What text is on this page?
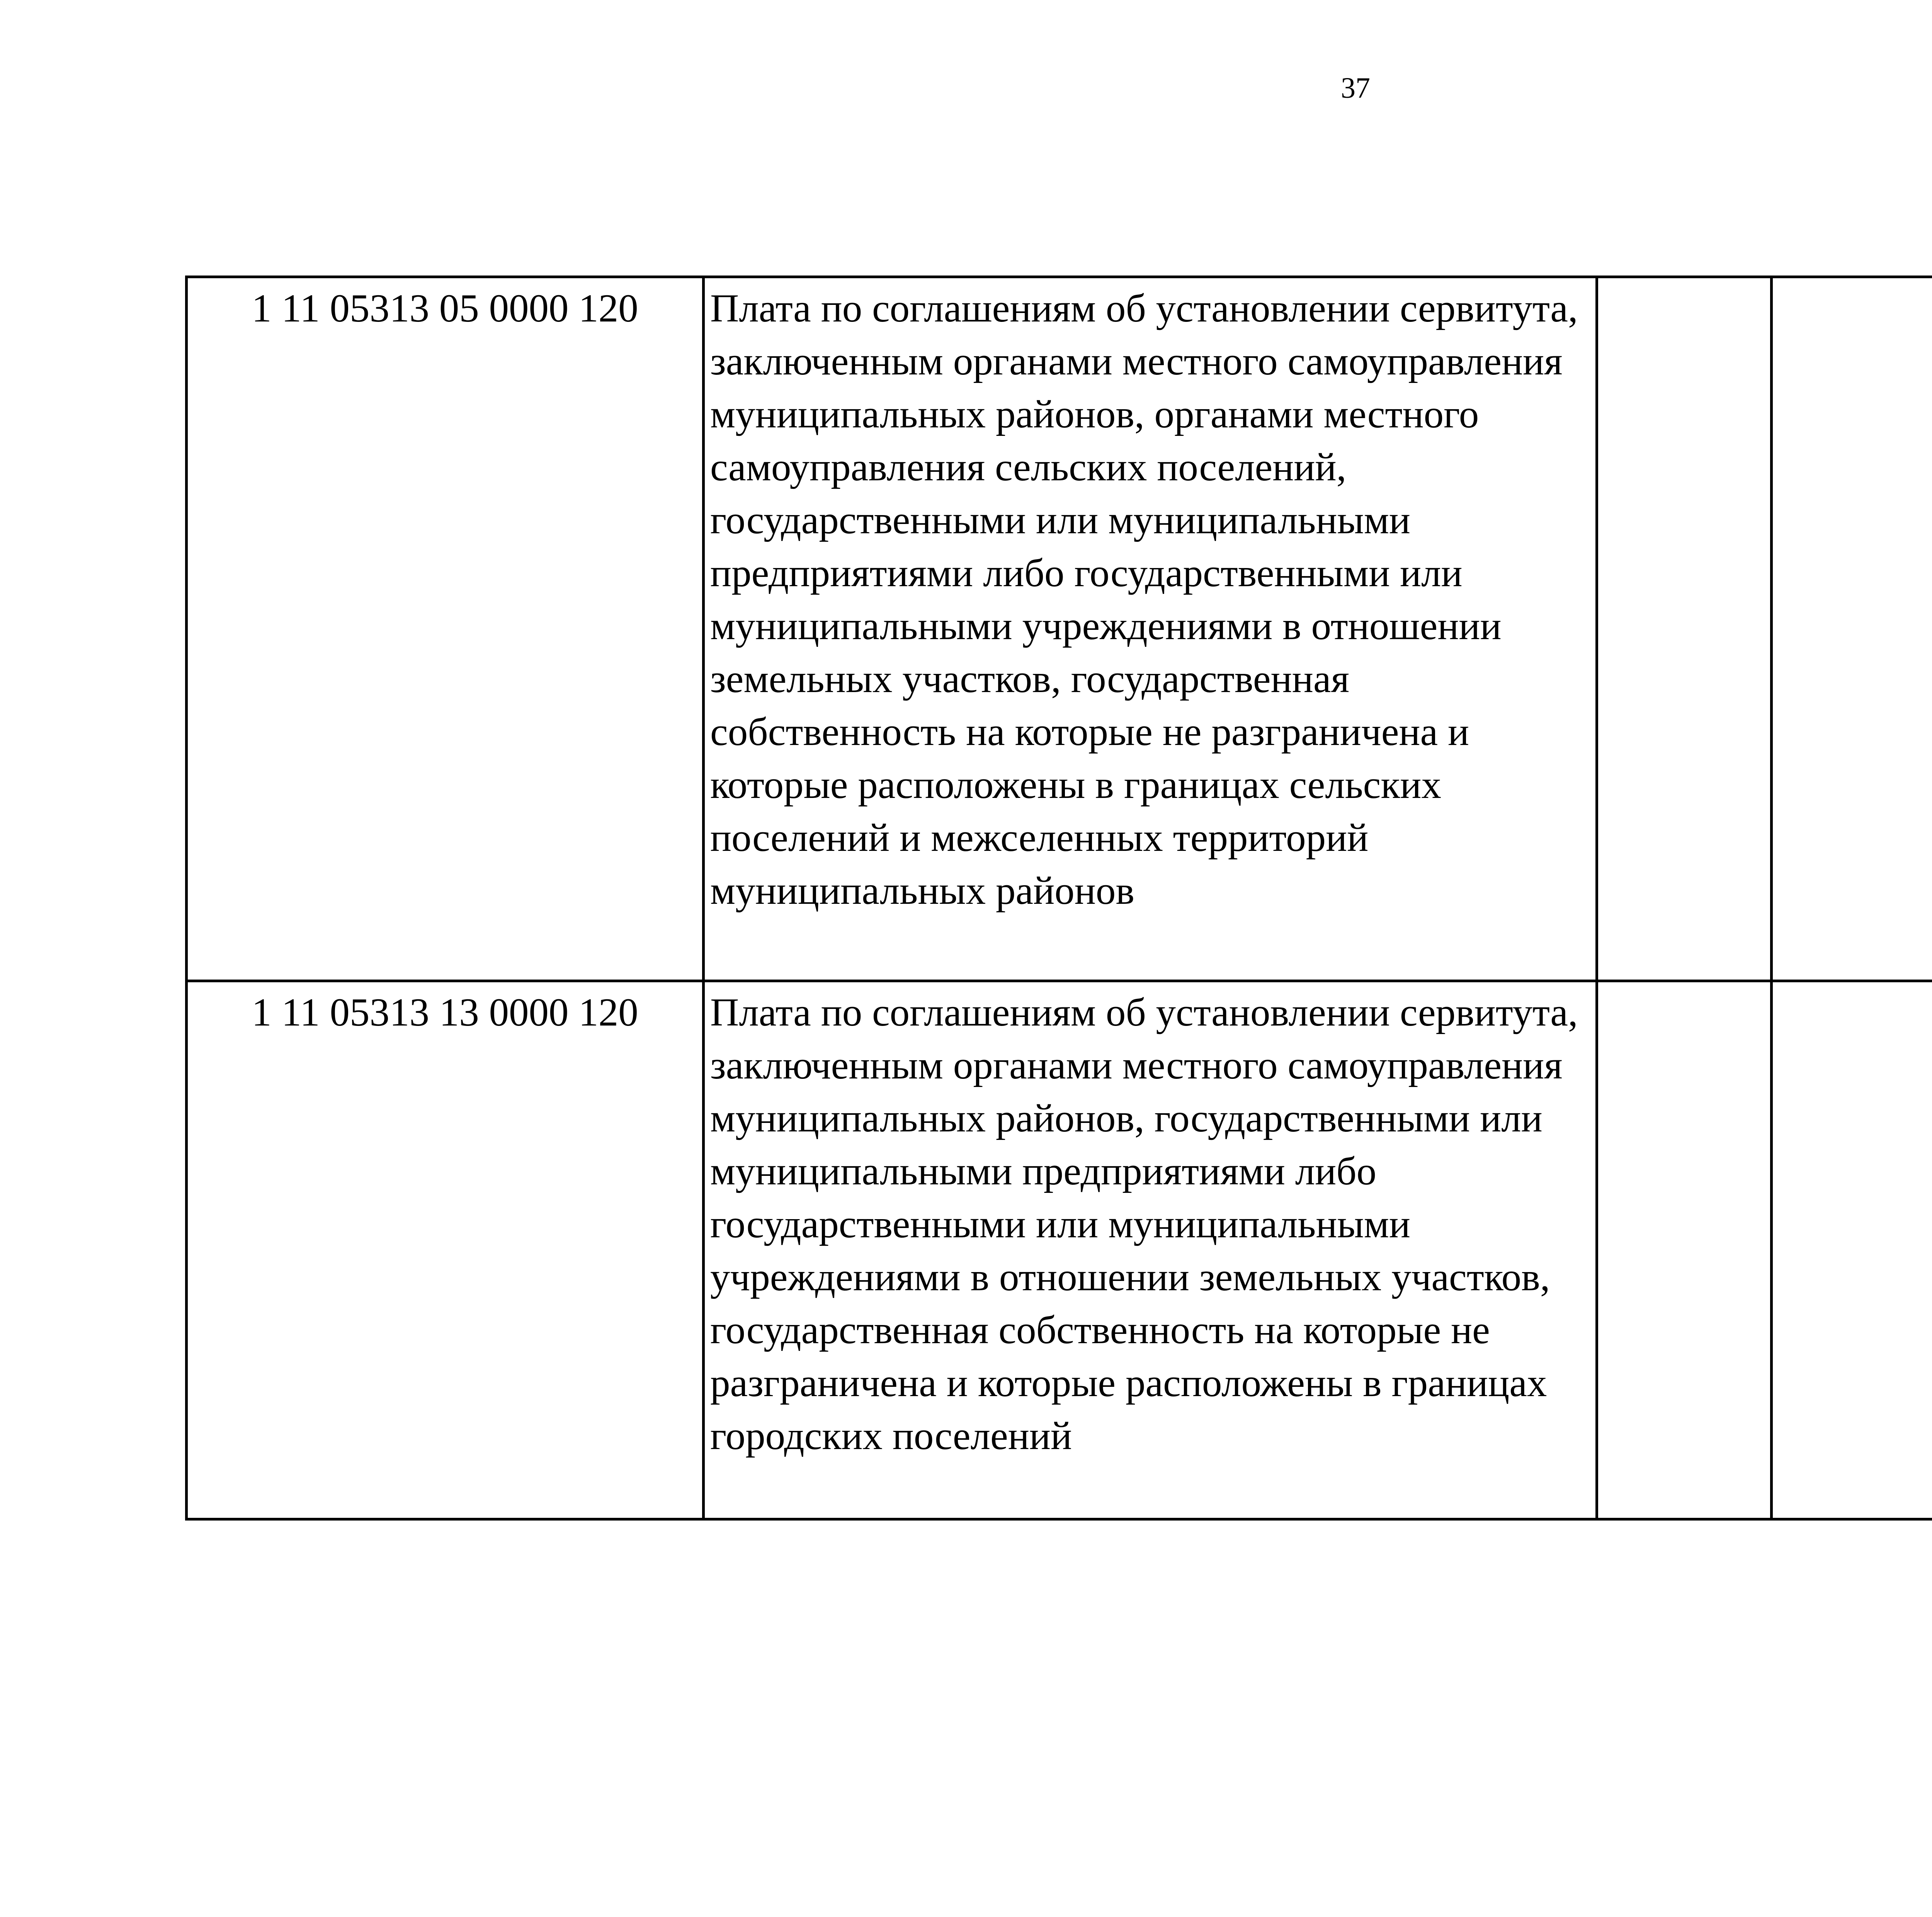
37
1 11 05313 05 0000 120	Плата по соглашениям об установлении сервитута, заключенным органами местного самоуправления муниципальных районов, органами местного самоуправления сельских поселений, государственными или муниципальными предприятиями либо государственными или муниципальными учреждениями в отношении земельных участков, государственная собственность на которые не разграничена и которые расположены в границах сельских поселений и межселенных территорий муниципальных районов					
1 11 05313 13 0000 120	Плата по соглашениям об установлении сервитута, заключенным органами местного самоуправления муниципальных районов, государственными или муниципальными предприятиями либо государственными или муниципальными учреждениями в отношении земельных участков, государственная собственность на которые не разграничена и которые расположены в границах городских поселений					
